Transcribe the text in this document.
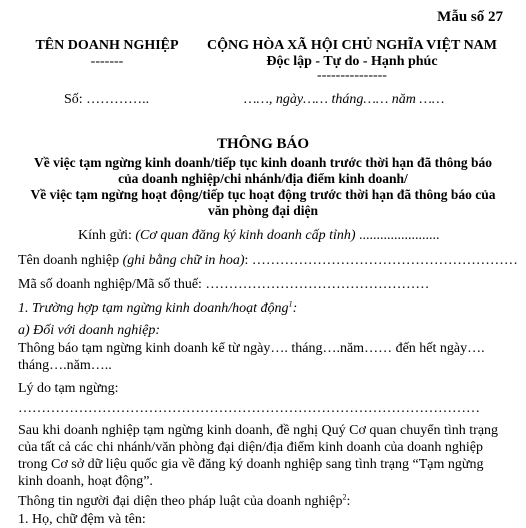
Mẫu số 27
TÊN DOANH NGHIỆP
-------
CỘNG HÒA XÃ HỘI CHỦ NGHĨA VIỆT NAM
Độc lập - Tự do - Hạnh phúc
---------------
Số: …………..	……, ngày…… tháng…… năm ……
THÔNG BÁO
Về việc tạm ngừng kinh doanh/tiếp tục kinh doanh trước thời hạn đã thông báo
của doanh nghiệp/chi nhánh/địa điểm kinh doanh/
Về việc tạm ngừng hoạt động/tiếp tục hoạt động trước thời hạn đã thông báo của
văn phòng đại diện
Kính gửi: (Cơ quan đăng ký kinh doanh cấp tỉnh) .......................
Tên doanh nghiệp (ghi bằng chữ in hoa): …………………………………………………
Mã số doanh nghiệp/Mã số thuế: …………………………………………
1. Trường hợp tạm ngừng kinh doanh/hoạt động$^1$:
a) Đối với doanh nghiệp:
Thông báo tạm ngừng kinh doanh kể từ ngày…. tháng….năm…… đến hết ngày….
tháng….năm…..
Lý do tạm ngừng:
………………………………………………………………………………………
Sau khi doanh nghiệp tạm ngừng kinh doanh, đề nghị Quý Cơ quan chuyển tình trạng
của tất cả các chi nhánh/văn phòng đại diện/địa điểm kinh doanh của doanh nghiệp
trong Cơ sở dữ liệu quốc gia về đăng ký doanh nghiệp sang tình trạng “Tạm ngừng
kinh doanh, hoạt động”.
Thông tin người đại diện theo pháp luật của doanh nghiệp$^2$:
1. Họ, chữ đệm và tên:
